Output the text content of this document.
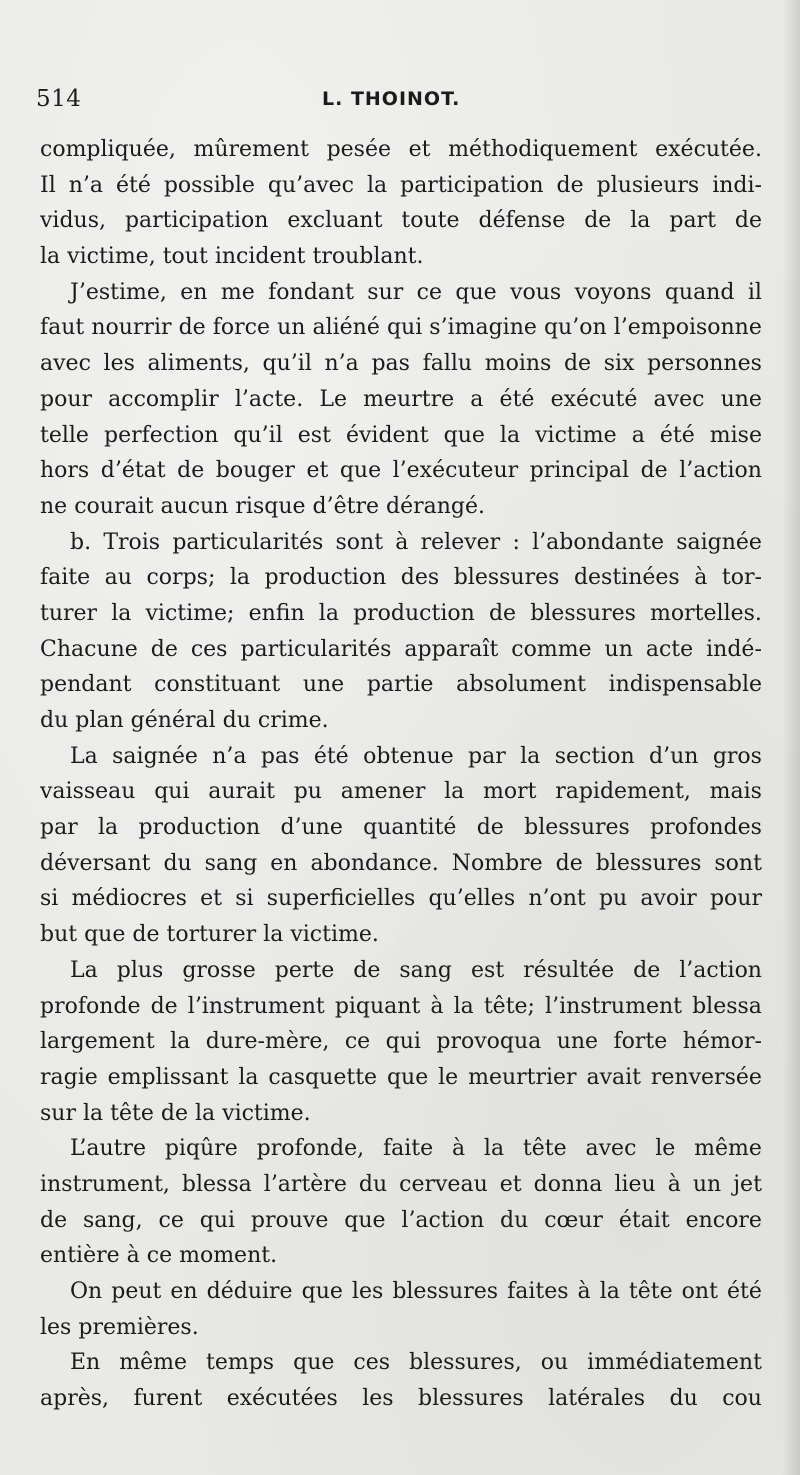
514	L. THOINOT.
compliquée, mûrement pesée et méthodiquement exécutée.
Il n’a été possible qu’avec la participation de plusieurs indi-
vidus, participation excluant toute défense de la part de
la victime, tout incident troublant.
J’estime, en me fondant sur ce que vous voyons quand il
faut nourrir de force un aliéné qui s’imagine qu’on l’empoisonne
avec les aliments, qu’il n’a pas fallu moins de six personnes
pour accomplir l’acte. Le meurtre a été exécuté avec une
telle perfection qu’il est évident que la victime a été mise
hors d’état de bouger et que l’exécuteur principal de l’action
ne courait aucun risque d’être dérangé.
b. Trois particularités sont à relever : l’abondante saignée
faite au corps; la production des blessures destinées à tor-
turer la victime; enfin la production de blessures mortelles.
Chacune de ces particularités apparaît comme un acte indé-
pendant constituant une partie absolument indispensable
du plan général du crime.
La saignée n’a pas été obtenue par la section d’un gros
vaisseau qui aurait pu amener la mort rapidement, mais
par la production d’une quantité de blessures profondes
déversant du sang en abondance. Nombre de blessures sont
si médiocres et si superficielles qu’elles n’ont pu avoir pour
but que de torturer la victime.
La plus grosse perte de sang est résultée de l’action
profonde de l’instrument piquant à la tête; l’instrument blessa
largement la dure-mère, ce qui provoqua une forte hémor-
ragie emplissant la casquette que le meurtrier avait renversée
sur la tête de la victime.
L’autre piqûre profonde, faite à la tête avec le même
instrument, blessa l’artère du cerveau et donna lieu à un jet
de sang, ce qui prouve que l’action du cœur était encore
entière à ce moment.
On peut en déduire que les blessures faites à la tête ont été
les premières.
En même temps que ces blessures, ou immédiatement
après, furent exécutées les blessures latérales du cou
